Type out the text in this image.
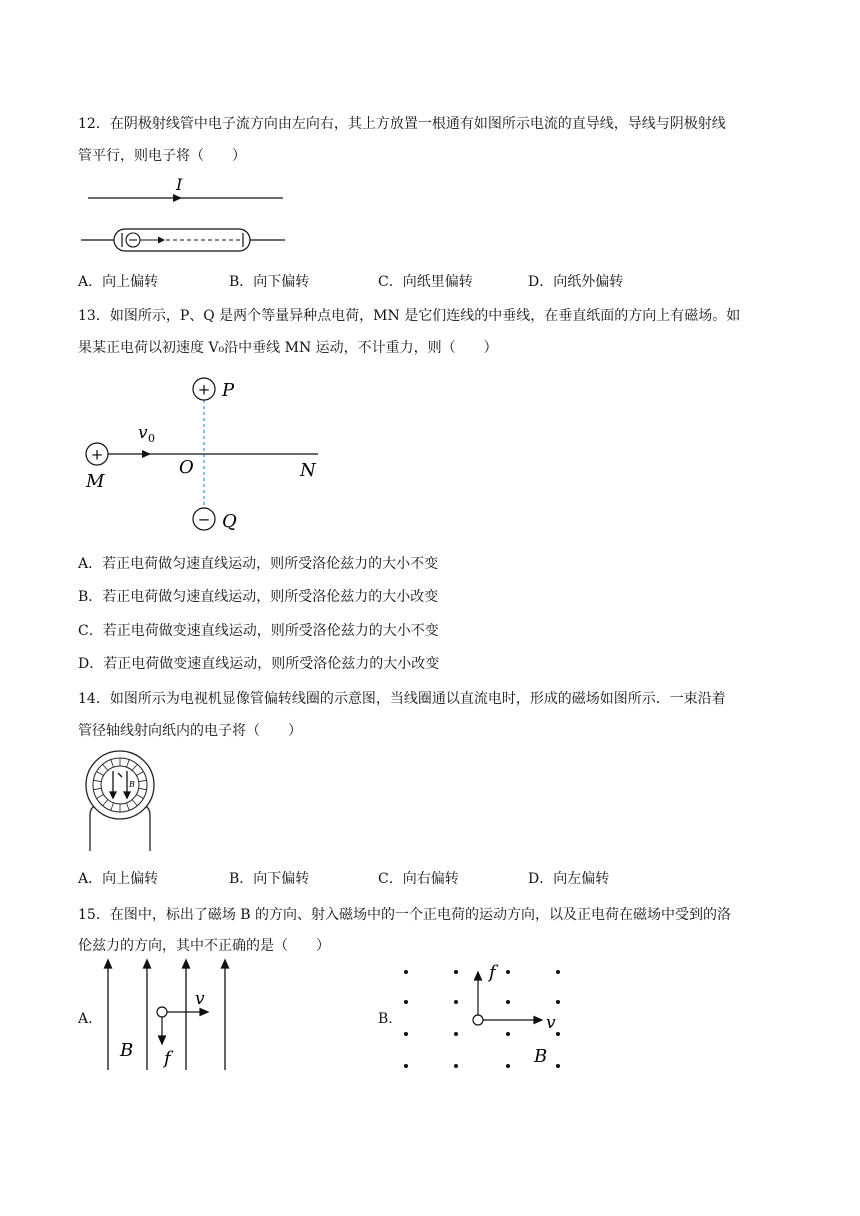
12．在阴极射线管中电子流方向由左向右，其上方放置一根通有如图所示电流的直导线，导线与阴极射线
管平行，则电子将（　　）
I
A．向上偏转	B．向下偏转	C．向纸里偏转	D．向纸外偏转
13．如图所示，P、Q 是两个等量异种点电荷，MN 是它们连线的中垂线，在垂直纸面的方向上有磁场。如
果某正电荷以初速度 V₀沿中垂线 MN 运动，不计重力，则（　　）
+ P
− Q
+
M
O	N
v 0
A．若正电荷做匀速直线运动，则所受洛伦兹力的大小不变
B．若正电荷做匀速直线运动，则所受洛伦兹力的大小改变
C．若正电荷做变速直线运动，则所受洛伦兹力的大小不变
D．若正电荷做变速直线运动，则所受洛伦兹力的大小改变
14．如图所示为电视机显像管偏转线圈的示意图，当线圈通以直流电时，形成的磁场如图所示．一束沿着
管径轴线射向纸内的电子将（　　）
B
A．向上偏转	B．向下偏转	C．向右偏转	D．向左偏转
15．在图中，标出了磁场 B 的方向、射入磁场中的一个正电荷的运动方向，以及正电荷在磁场中受到的洛
伦兹力的方向，其中不正确的是（　　）
A.
v
f
B
B.	v
f
B
